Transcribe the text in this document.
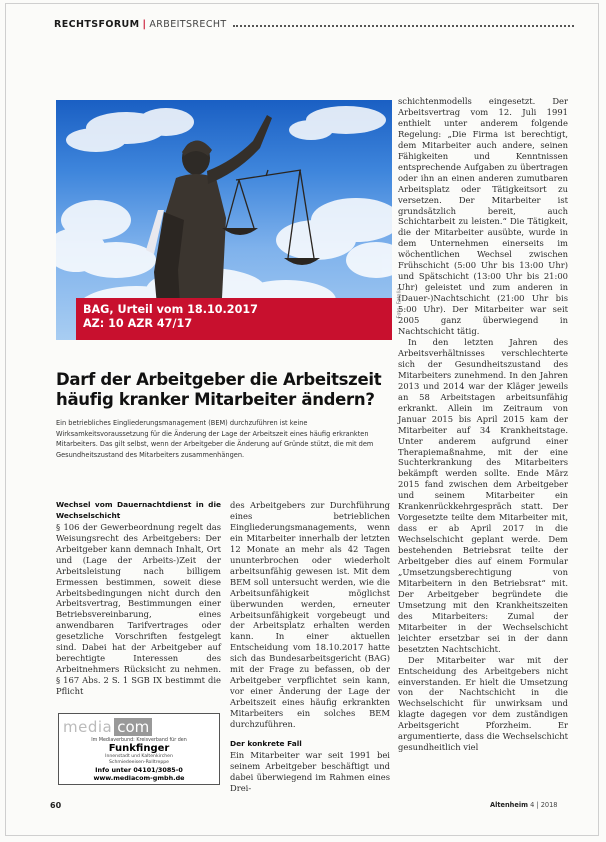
RECHTSFORUM | ARBEITSRECHT
Foto: Fotolia
BAG, Urteil vom 18.10.2017
AZ: 10 AZR 47/17
Darf der Arbeitgeber die Arbeitszeit häufig kranker Mitarbeiter ändern?

Ein betriebliches Eingliederungsmanagement (BEM) durchzuführen ist keine Wirksamkeitsvoraussetzung für die Änderung der Lage der Arbeitszeit eines häufig erkrankten Mitarbeiters. Das gilt selbst, wenn der Arbeitgeber die Änderung auf Gründe stützt, die mit dem Gesundheitszustand des Mitarbeiters zusammenhängen.

Wechsel vom Dauernachtdienst in die Wechselschicht

§ 106 der Gewerbeordnung regelt das Weisungsrecht des Arbeitgebers: Der Arbeitgeber kann demnach Inhalt, Ort und (Lage der Arbeits-)Zeit der Arbeitsleistung nach billigem Ermessen bestimmen, soweit diese Arbeitsbedingungen nicht durch den Arbeitsvertrag, Bestimmungen einer Betriebsvereinbarung, eines anwendbaren Tarifvertrages oder gesetzliche Vorschriften festgelegt sind. Dabei hat der Arbeitgeber auf berechtigte Interessen des Arbeitnehmers Rücksicht zu nehmen. § 167 Abs. 2 S. 1 SGB IX bestimmt die Pflicht

des Arbeitgebers zur Durchführung eines betrieblichen Eingliederungsmanagements, wenn ein Mitarbeiter innerhalb der letzten 12 Monate an mehr als 42 Tagen ununterbrochen oder wiederholt arbeitsunfähig gewesen ist. Mit dem BEM soll untersucht werden, wie die Arbeitsunfähigkeit möglichst überwunden werden, erneuter Arbeitsunfähigkeit vorgebeugt und der Arbeitsplatz erhalten werden kann. In einer aktuellen Entscheidung vom 18.10.2017 hatte sich das Bundesarbeitsgericht (BAG) mit der Frage zu befassen, ob der Arbeitgeber verpflichtet sein kann, vor einer Änderung der Lage der Arbeitszeit eines häufig erkrankten Mitarbeiters ein solches BEM durchzuführen.

Der konkrete Fall

Ein Mitarbeiter war seit 1991 bei seinem Arbeitgeber beschäftigt und dabei überwiegend im Rahmen eines Drei-

schichtenmodells eingesetzt. Der Arbeitsvertrag vom 12. Juli 1991 enthielt unter anderem folgende Regelung: „Die Firma ist berechtigt, dem Mitarbeiter auch andere, seinen Fähigkeiten und Kenntnissen entsprechende Aufgaben zu übertragen oder ihn an einen anderen zumutbaren Arbeitsplatz oder Tätigkeitsort zu versetzen. Der Mitarbeiter ist grundsätzlich bereit, auch Schichtarbeit zu leisten.“ Die Tätigkeit, die der Mitarbeiter ausübte, wurde in dem Unternehmen einerseits im wöchentlichen Wechsel zwischen Frühschicht (5:00 Uhr bis 13:00 Uhr) und Spätschicht (13:00 Uhr bis 21:00 Uhr) geleistet und zum anderen in (Dauer-)Nachtschicht (21:00 Uhr bis 5:00 Uhr). Der Mitarbeiter war seit 2005 ganz überwiegend in Nachtschicht tätig.

In den letzten Jahren des Arbeitsverhältnisses verschlechterte sich der Gesundheitszustand des Mitarbeiters zunehmend. In den Jahren 2013 und 2014 war der Kläger jeweils an 58 Arbeitstagen arbeitsunfähig erkrankt. Allein im Zeitraum von Januar 2015 bis April 2015 kam der Mitarbeiter auf 34 Krankheitstage. Unter anderem aufgrund einer Therapiemaßnahme, mit der eine Suchterkrankung des Mitarbeiters bekämpft werden sollte. Ende März 2015 fand zwischen dem Arbeitgeber und seinem Mitarbeiter ein Krankenrückkehrgespräch statt. Der Vorgesetzte teilte dem Mitarbeiter mit, dass er ab April 2017 in die Wechselschicht geplant werde. Dem bestehenden Betriebsrat teilte der Arbeitgeber dies auf einem Formular „Umsetzungsberechtigung von Mitarbeitern in den Betriebsrat“ mit. Der Arbeitgeber begründete die Umsetzung mit den Krankheitszeiten des Mitarbeiters: Zumal der Mitarbeiter in der Wechselschicht leichter ersetzbar sei in der dann besetzten Nachtschicht.

Der Mitarbeiter war mit der Entscheidung des Arbeitgebers nicht einverstanden. Er hielt die Umsetzung von der Nachtschicht in die Wechselschicht für unwirksam und klagte dagegen vor dem zuständigen Arbeitsgericht Pforzheim. Er argumentierte, dass die Wechselschicht gesundheitlich viel

media com
Im Mediaverbund: Kreisverband für den
Funkfinger
Innenstadt und Kaltenkirchen
Schmiedeeisen-Rolltreppe
Info unter 04101/3085-0
www.mediacom-gmbh.de
60	Altenheim 4 | 2018
